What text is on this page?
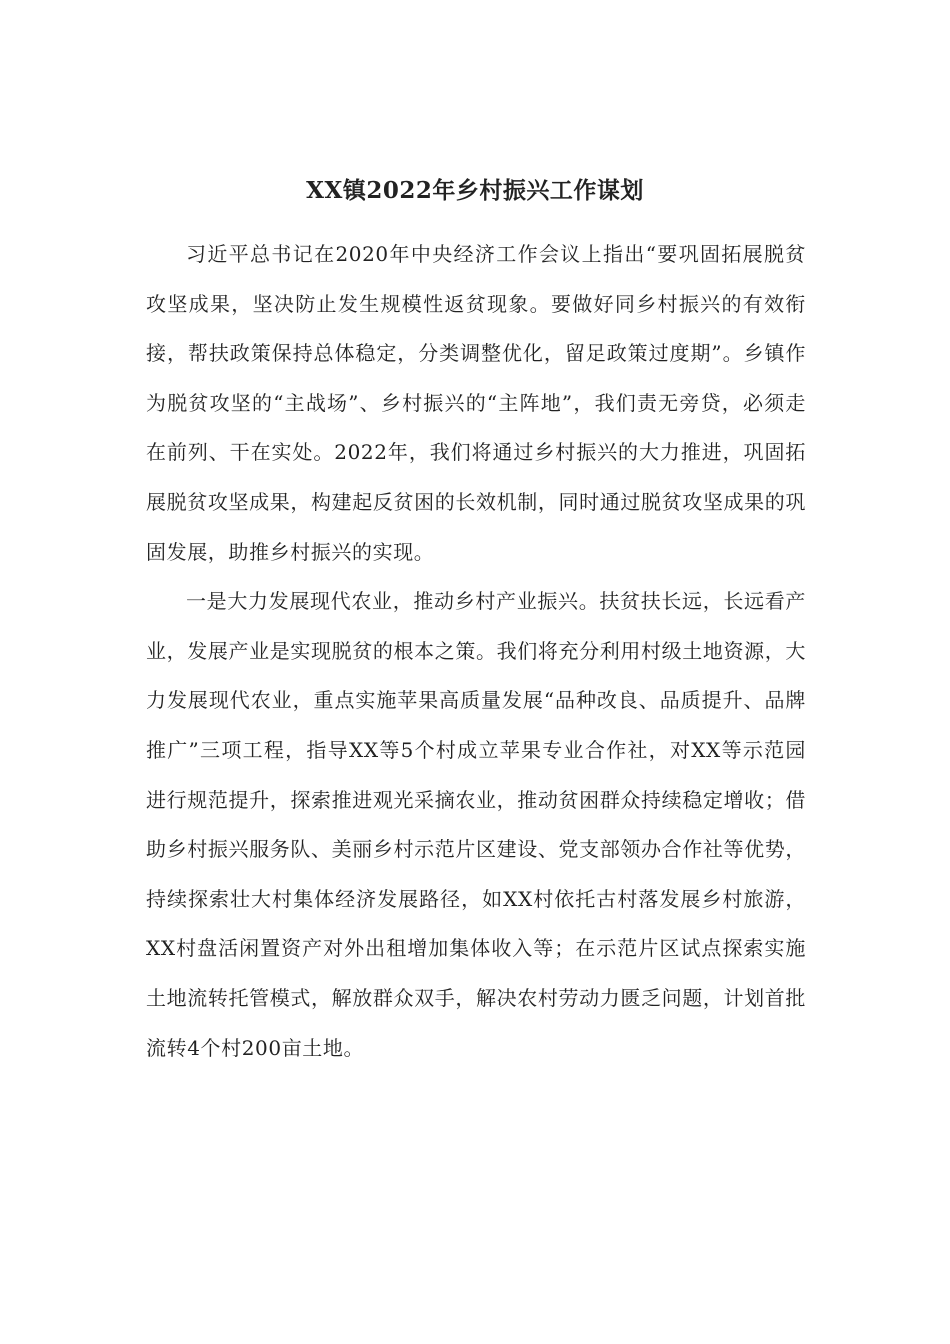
XX镇2022年乡村振兴工作谋划

习近平总书记在2020年中央经济工作会议上指出“要巩固拓展脱贫攻坚成果，坚决防止发生规模性返贫现象。要做好同乡村振兴的有效衔接，帮扶政策保持总体稳定，分类调整优化，留足政策过度期”。乡镇作为脱贫攻坚的“主战场”、乡村振兴的“主阵地”，我们责无旁贷，必须走在前列、干在实处。2022年，我们将通过乡村振兴的大力推进，巩固拓展脱贫攻坚成果，构建起反贫困的长效机制，同时通过脱贫攻坚成果的巩固发展，助推乡村振兴的实现。

一是大力发展现代农业，推动乡村产业振兴。扶贫扶长远，长远看产业，发展产业是实现脱贫的根本之策。我们将充分利用村级土地资源，大力发展现代农业，重点实施苹果高质量发展“品种改良、品质提升、品牌推广”三项工程，指导XX等5个村成立苹果专业合作社，对XX等示范园进行规范提升，探索推进观光采摘农业，推动贫困群众持续稳定增收；借助乡村振兴服务队、美丽乡村示范片区建设、党支部领办合作社等优势，持续探索壮大村集体经济发展路径，如XX村依托古村落发展乡村旅游，XX村盘活闲置资产对外出租增加集体收入等；在示范片区试点探索实施土地流转托管模式，解放群众双手，解决农村劳动力匮乏问题，计划首批流转4个村200亩土地。
